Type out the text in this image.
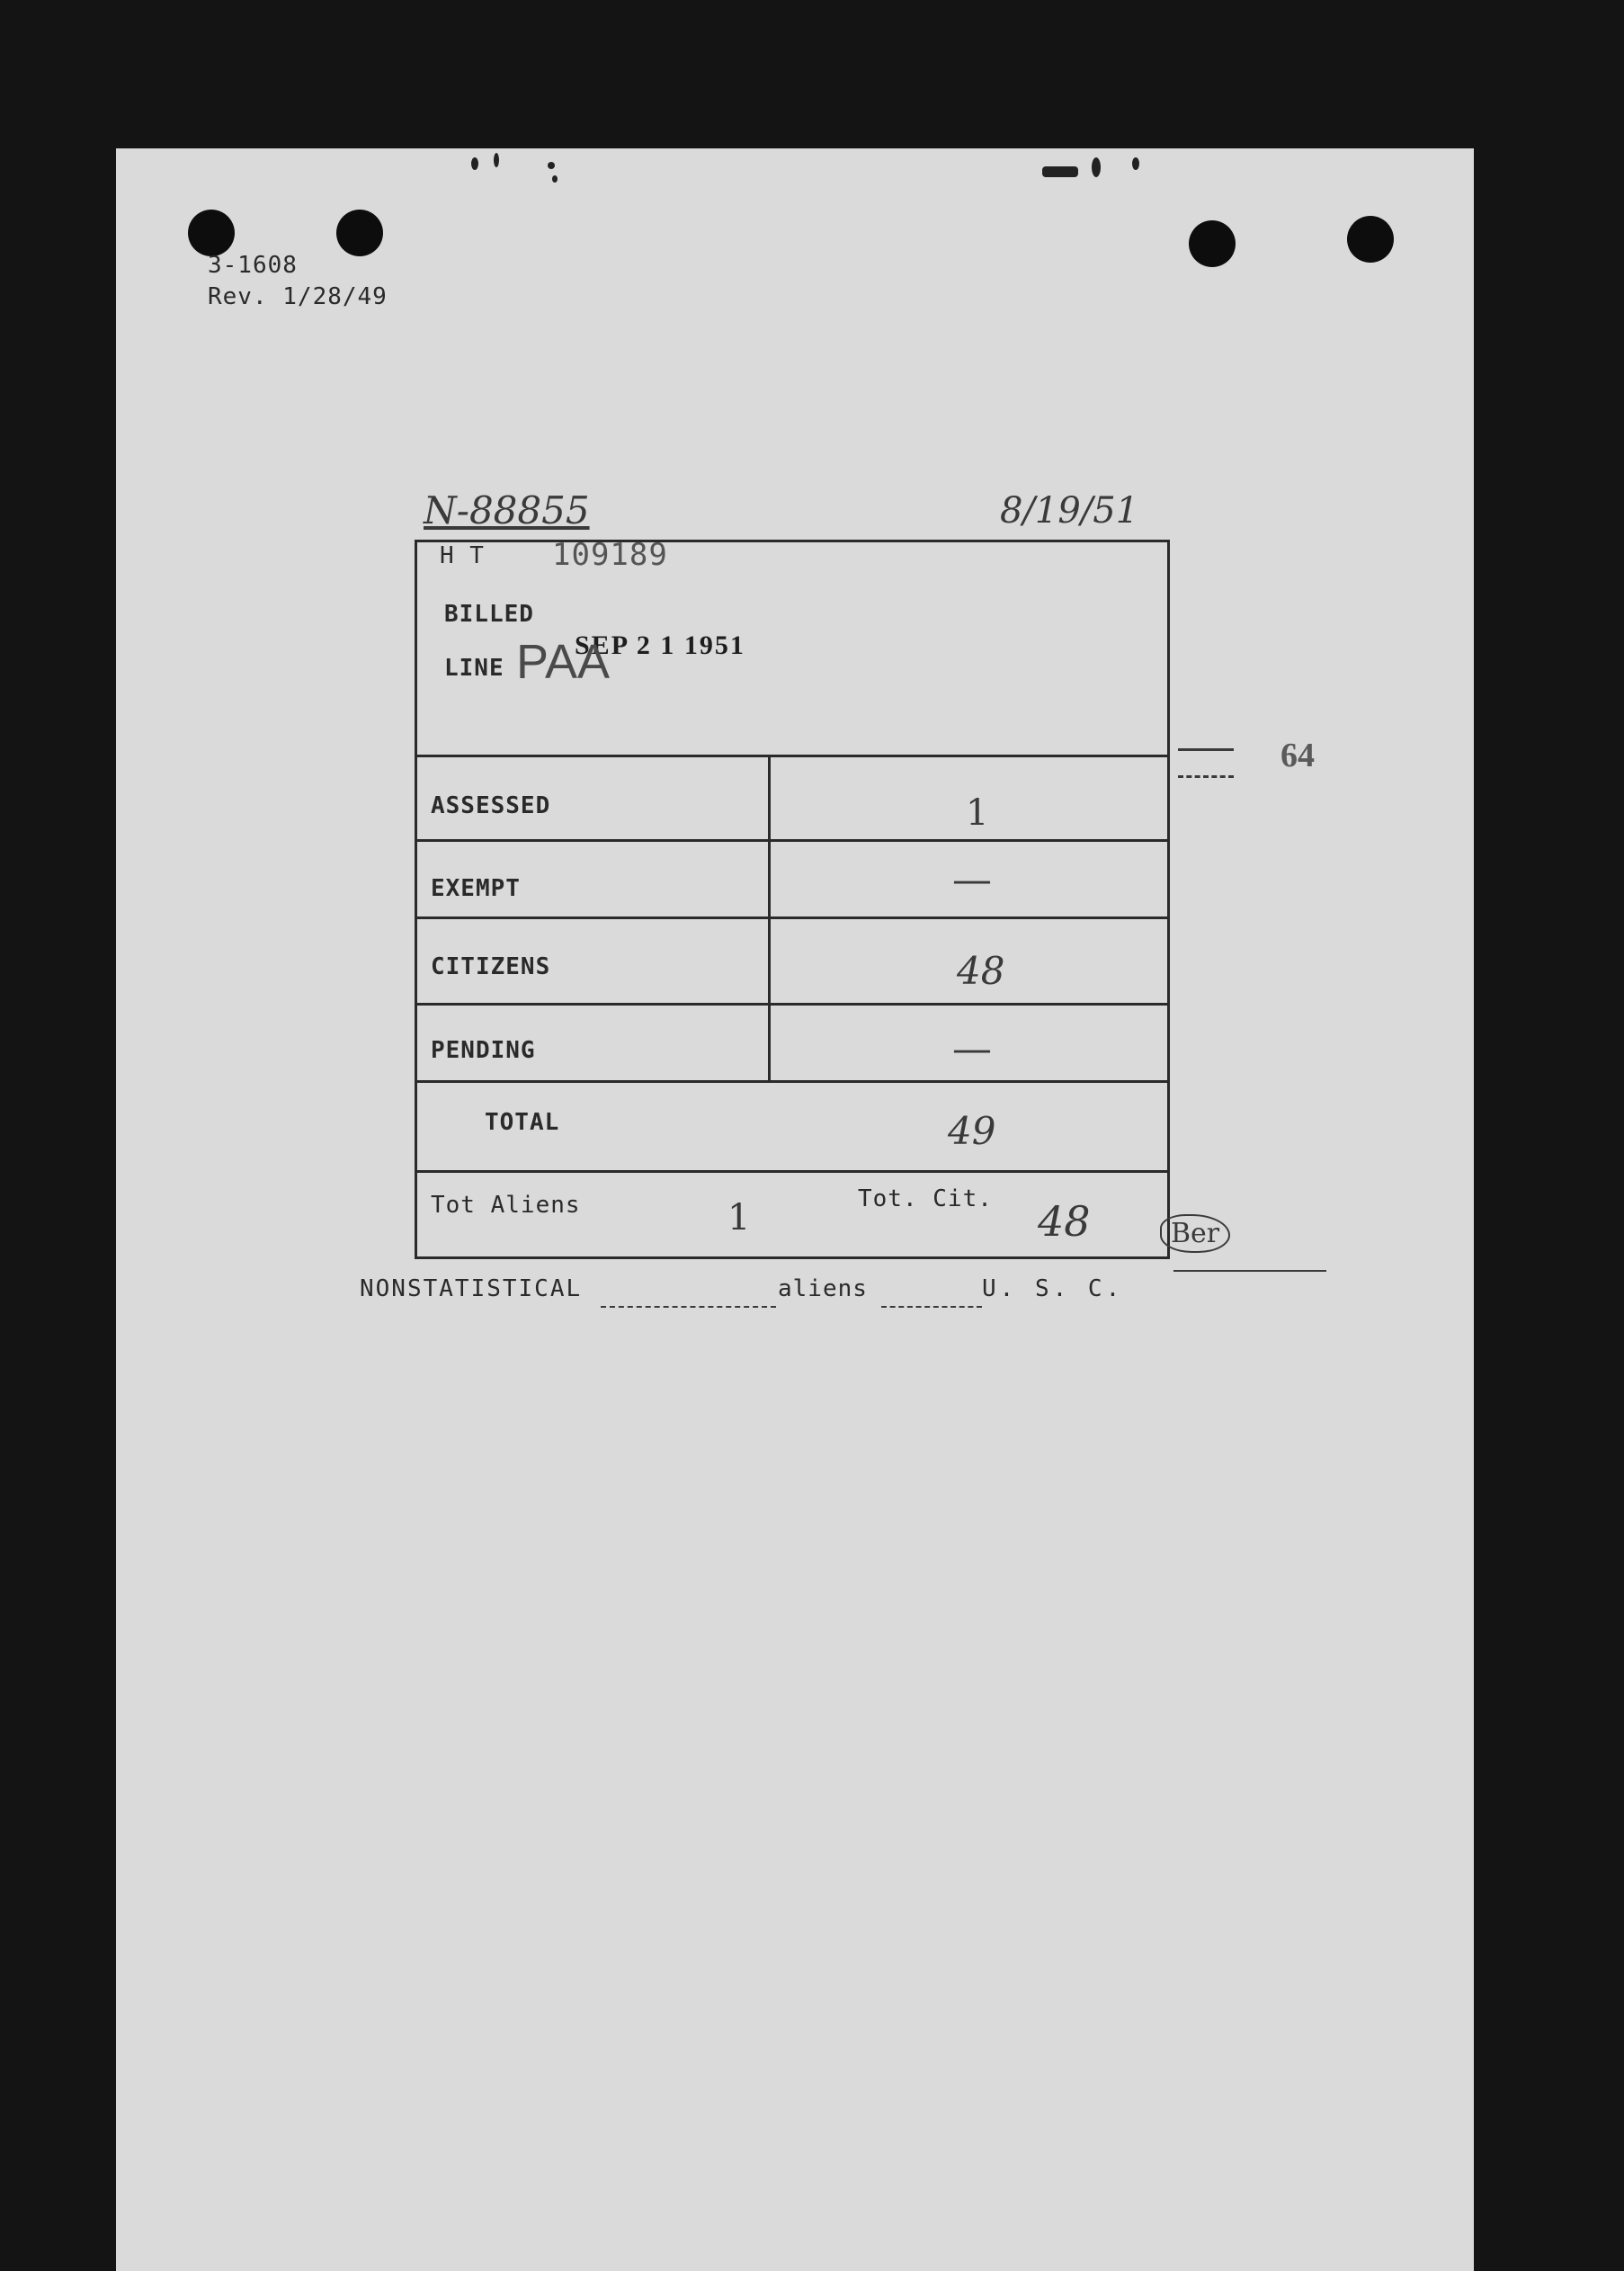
3-1608
Rev. 1/28/49
N-88855	8/19/51
H T 109189
BILLED
SEP 2 1 1951
LINE PAA
ASSESSED	1
EXEMPT	—
CITIZENS	48
PENDING	—
TOTAL	49
Tot Aliens	1	Tot. Cit. 48
64
Ber
NONSTATISTICAL	aliens	U. S. C.
